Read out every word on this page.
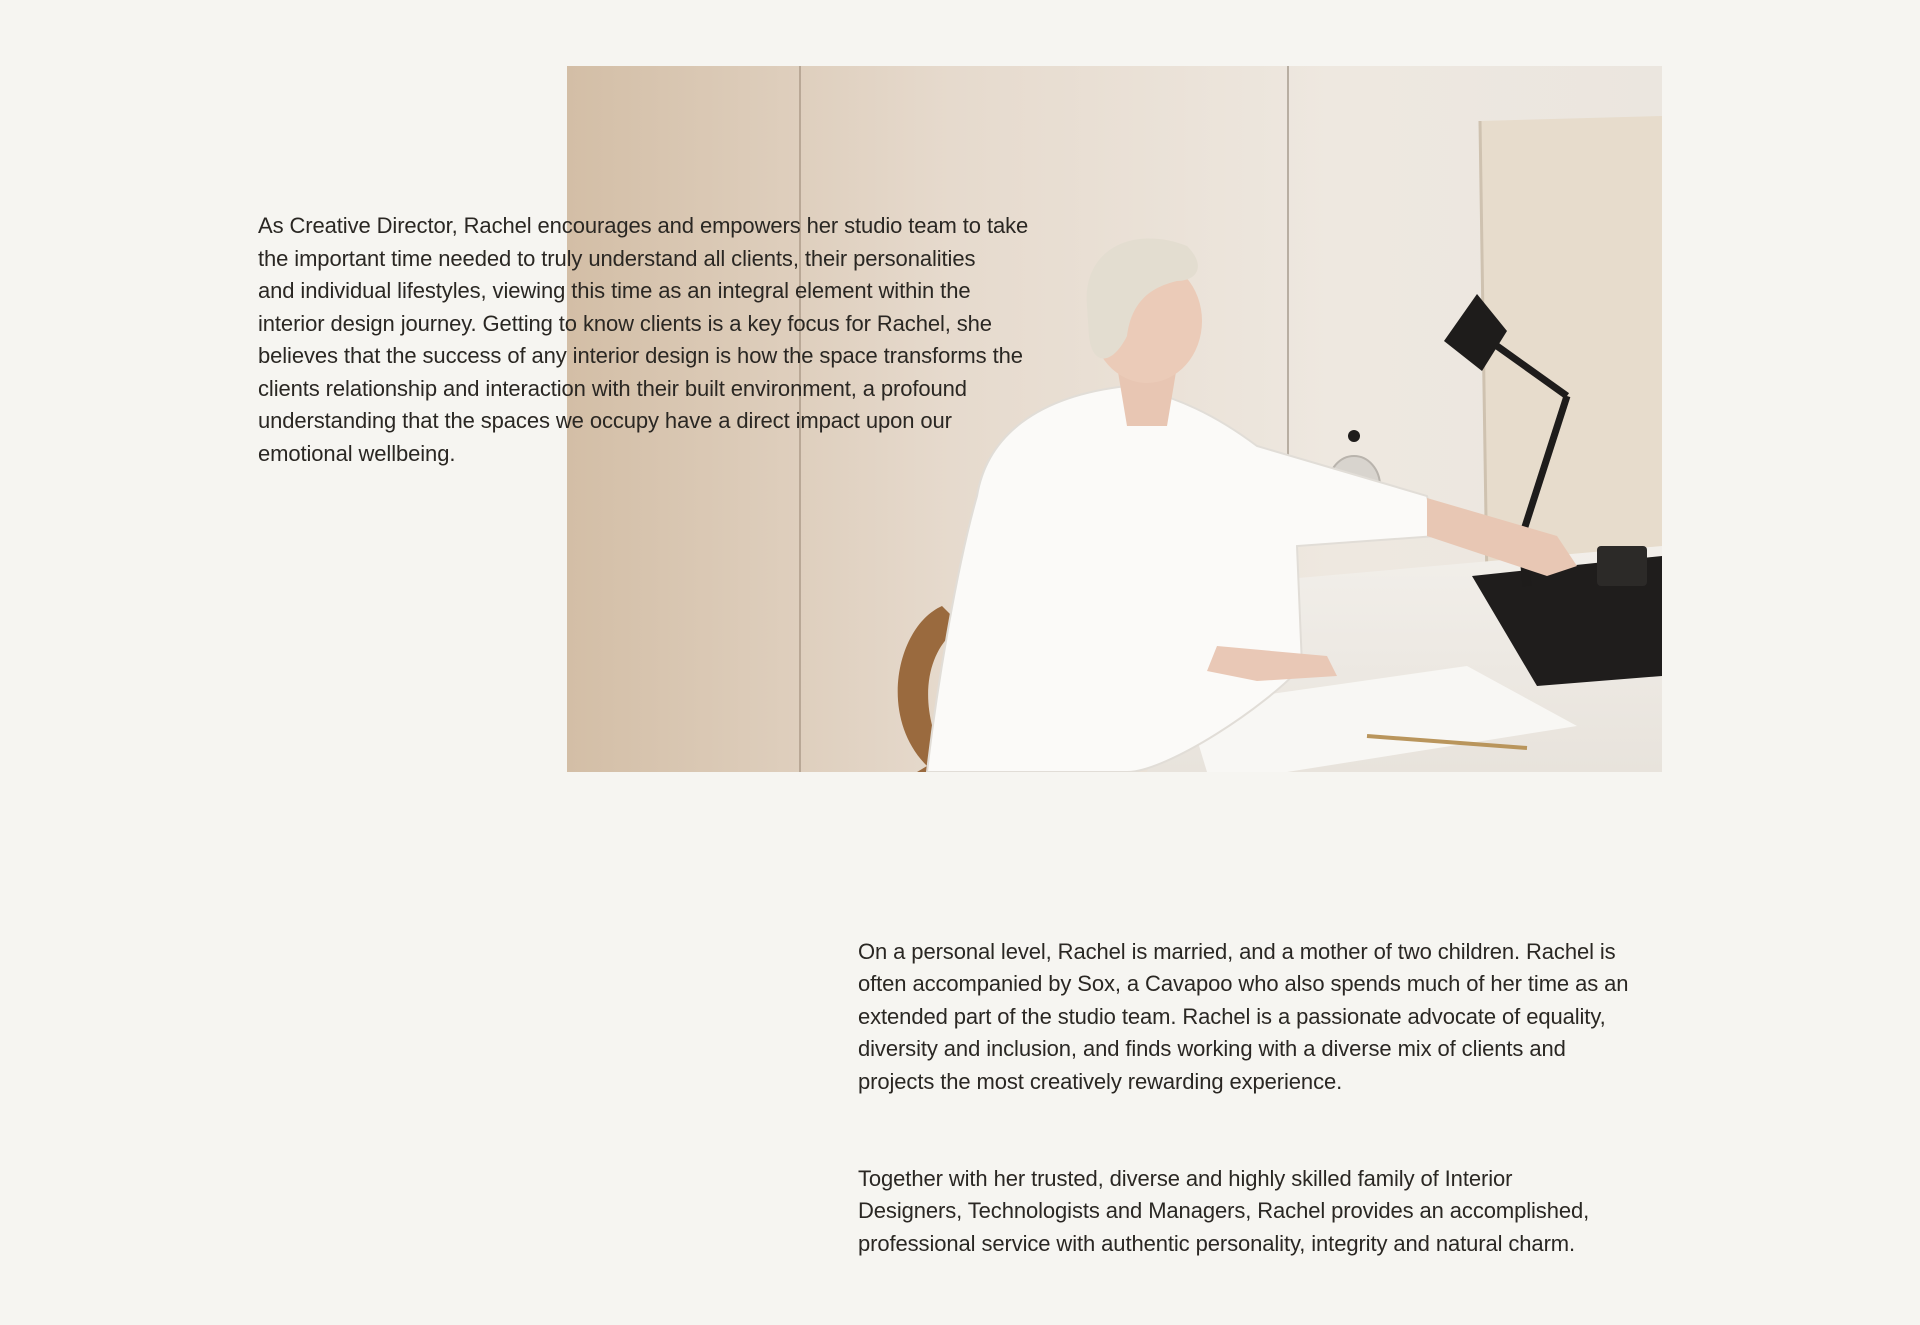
As Creative Director, Rachel encourages and empowers her studio team to take
the important time needed to truly understand all clients, their personalities
and individual lifestyles, viewing this time as an integral element within the
interior design journey. Getting to know clients is a key focus for Rachel, she
believes that the success of any interior design is how the space transforms the
clients relationship and interaction with their built environment, a profound
understanding that the spaces we occupy have a direct impact upon our
emotional wellbeing.

On a personal level, Rachel is married, and a mother of two children. Rachel is
often accompanied by Sox, a Cavapoo who also spends much of her time as an
extended part of the studio team. Rachel is a passionate advocate of equality,
diversity and inclusion, and finds working with a diverse mix of clients and
projects the most creatively rewarding experience.

Together with her trusted, diverse and highly skilled family of Interior
Designers, Technologists and Managers, Rachel provides an accomplished,
professional service with authentic personality, integrity and natural charm.
